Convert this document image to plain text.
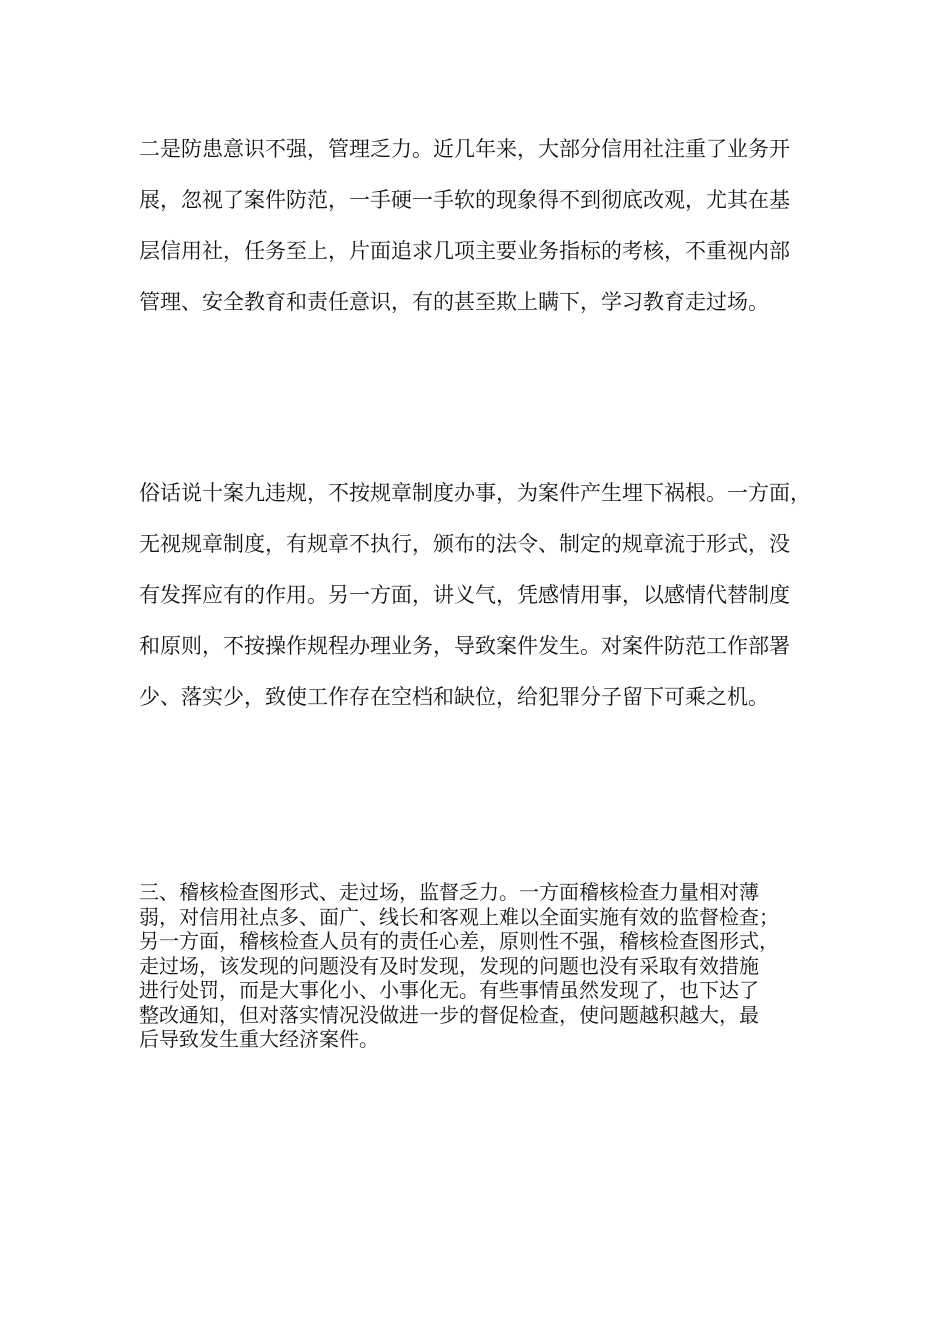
二是防患意识不强，管理乏力。近几年来，大部分信用社注重了业务开
展，忽视了案件防范，一手硬一手软的现象得不到彻底改观，尤其在基
层信用社，任务至上，片面追求几项主要业务指标的考核，不重视内部
管理、安全教育和责任意识，有的甚至欺上瞒下，学习教育走过场。
俗话说十案九违规，不按规章制度办事，为案件产生埋下祸根。一方面，
无视规章制度，有规章不执行，颁布的法令、制定的规章流于形式，没
有发挥应有的作用。另一方面，讲义气，凭感情用事，以感情代替制度
和原则，不按操作规程办理业务，导致案件发生。对案件防范工作部署
少、落实少，致使工作存在空档和缺位，给犯罪分子留下可乘之机。
三、稽核检查图形式、走过场，监督乏力。一方面稽核检查力量相对薄
弱，对信用社点多、面广、线长和客观上难以全面实施有效的监督检查；
另一方面，稽核检查人员有的责任心差，原则性不强，稽核检查图形式，
走过场，该发现的问题没有及时发现，发现的问题也没有采取有效措施
进行处罚，而是大事化小、小事化无。有些事情虽然发现了，也下达了
整改通知，但对落实情况没做进一步的督促检查，使问题越积越大，最
后导致发生重大经济案件。
